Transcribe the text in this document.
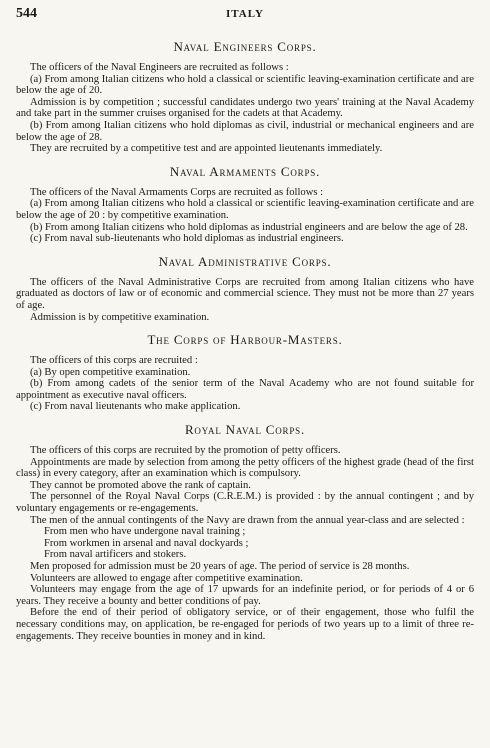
544	ITALY
Naval Engineers Corps.

The officers of the Naval Engineers are recruited as follows :

(a) From among Italian citizens who hold a classical or scientific leaving-examination certificate and are below the age of 20.

Admission is by competition ; successful candidates undergo two years' training at the Naval Academy and take part in the summer cruises organised for the cadets at that Academy.

(b) From among Italian citizens who hold diplomas as civil, industrial or mechanical engineers and are below the age of 28.

They are recruited by a competitive test and are appointed lieutenants immediately.

Naval Armaments Corps.

The officers of the Naval Armaments Corps are recruited as follows :

(a) From among Italian citizens who hold a classical or scientific leaving-examination certificate and are below the age of 20 : by competitive examination.

(b) From among Italian citizens who hold diplomas as industrial engineers and are below the age of 28.

(c) From naval sub-lieutenants who hold diplomas as industrial engineers.

Naval Administrative Corps.

The officers of the Naval Administrative Corps are recruited from among Italian citizens who have graduated as doctors of law or of economic and commercial science. They must not be more than 27 years of age.

Admission is by competitive examination.

The Corps of Harbour-Masters.

The officers of this corps are recruited :

(a) By open competitive examination.

(b) From among cadets of the senior term of the Naval Academy who are not found suitable for appointment as executive naval officers.

(c) From naval lieutenants who make application.

Royal Naval Corps.

The officers of this corps are recruited by the promotion of petty officers.

Appointments are made by selection from among the petty officers of the highest grade (head of the first class) in every category, after an examination which is compulsory.

They cannot be promoted above the rank of captain.

The personnel of the Royal Naval Corps (C.R.E.M.) is provided : by the annual contingent ; and by voluntary engagements or re-engagements.

The men of the annual contingents of the Navy are drawn from the annual year-class and are selected :

From men who have undergone naval training ;

From workmen in arsenal and naval dockyards ;

From naval artificers and stokers.

Men proposed for admission must be 20 years of age. The period of service is 28 months.

Volunteers are allowed to engage after competitive examination.

Volunteers may engage from the age of 17 upwards for an indefinite period, or for periods of 4 or 6 years. They receive a bounty and better conditions of pay.

Before the end of their period of obligatory service, or of their engagement, those who fulfil the necessary conditions may, on application, be re-engaged for periods of two years up to a limit of three re-engagements. They receive bounties in money and in kind.
